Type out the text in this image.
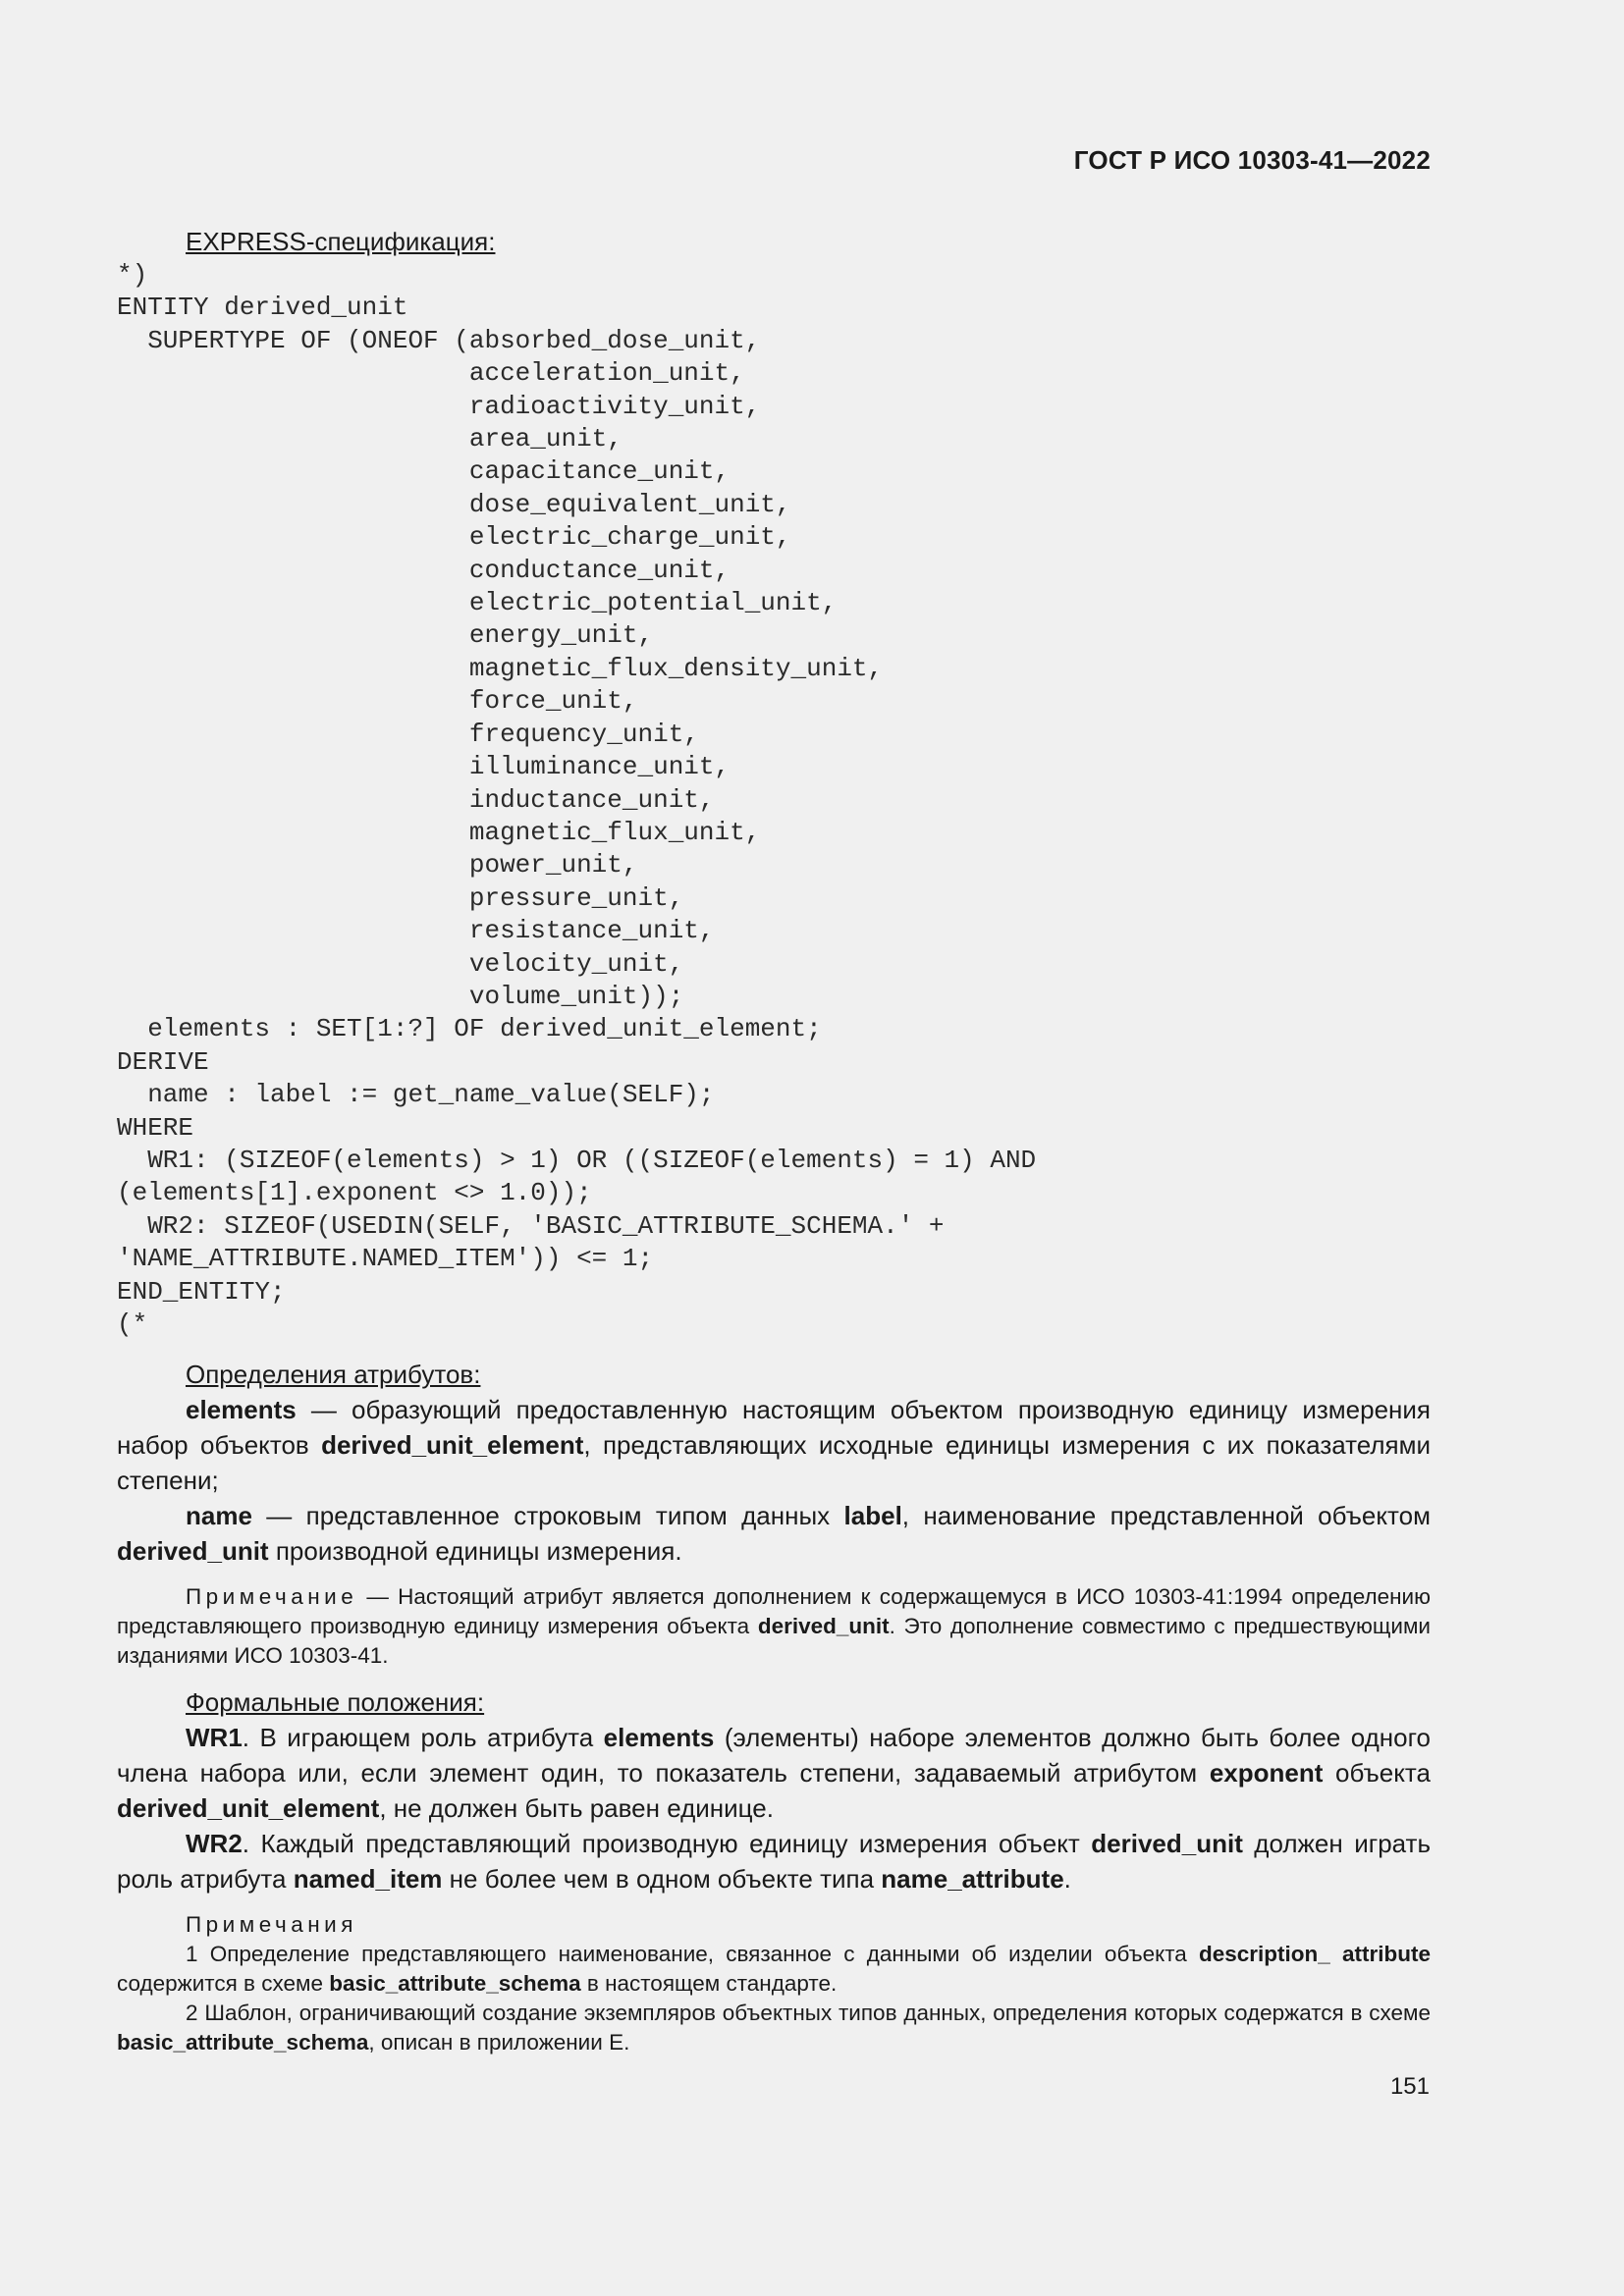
ГОСТ Р ИСО 10303-41—2022
EXPRESS-спецификация:
*)
ENTITY derived_unit
SUPERTYPE OF (ONEOF (absorbed_dose_unit,
acceleration_unit,
radioactivity_unit,
area_unit,
capacitance_unit,
dose_equivalent_unit,
electric_charge_unit,
conductance_unit,
electric_potential_unit,
energy_unit,
magnetic_flux_density_unit,
force_unit,
frequency_unit,
illuminance_unit,
inductance_unit,
magnetic_flux_unit,
power_unit,
pressure_unit,
resistance_unit,
velocity_unit,
volume_unit));
elements : SET[1:?] OF derived_unit_element;
DERIVE
name : label := get_name_value(SELF);
WHERE
WR1: (SIZEOF(elements) > 1) OR ((SIZEOF(elements) = 1) AND
(elements[1].exponent <> 1.0));
WR2: SIZEOF(USEDIN(SELF, 'BASIC_ATTRIBUTE_SCHEMA.' +
'NAME_ATTRIBUTE.NAMED_ITEM')) <= 1;
END_ENTITY;
(*
Определения атрибутов:

elements — образующий предоставленную настоящим объектом производную единицу измерения набор объектов derived_unit_element, представляющих исходные единицы измерения с их показателями степени;

name — представленное строковым типом данных label, наименование представленной объектом derived_unit производной единицы измерения.

Примечание — Настоящий атрибут является дополнением к содержащемуся в ИСО 10303-41:1994 определению представляющего производную единицу измерения объекта derived_unit. Это дополнение совместимо с предшествующими изданиями ИСО 10303-41.

Формальные положения:

WR1. В играющем роль атрибута elements (элементы) наборе элементов должно быть более одного члена набора или, если элемент один, то показатель степени, задаваемый атрибутом exponent объекта derived_unit_element, не должен быть равен единице.

WR2. Каждый представляющий производную единицу измерения объект derived_unit должен играть роль атрибута named_item не более чем в одном объекте типа name_attribute.

Примечания

1 Определение представляющего наименование, связанное с данными об изделии объекта description_ attribute содержится в схеме basic_attribute_schema в настоящем стандарте.

2 Шаблон, ограничивающий создание экземпляров объектных типов данных, определения которых содержатся в схеме basic_attribute_schema, описан в приложении Е.

151
